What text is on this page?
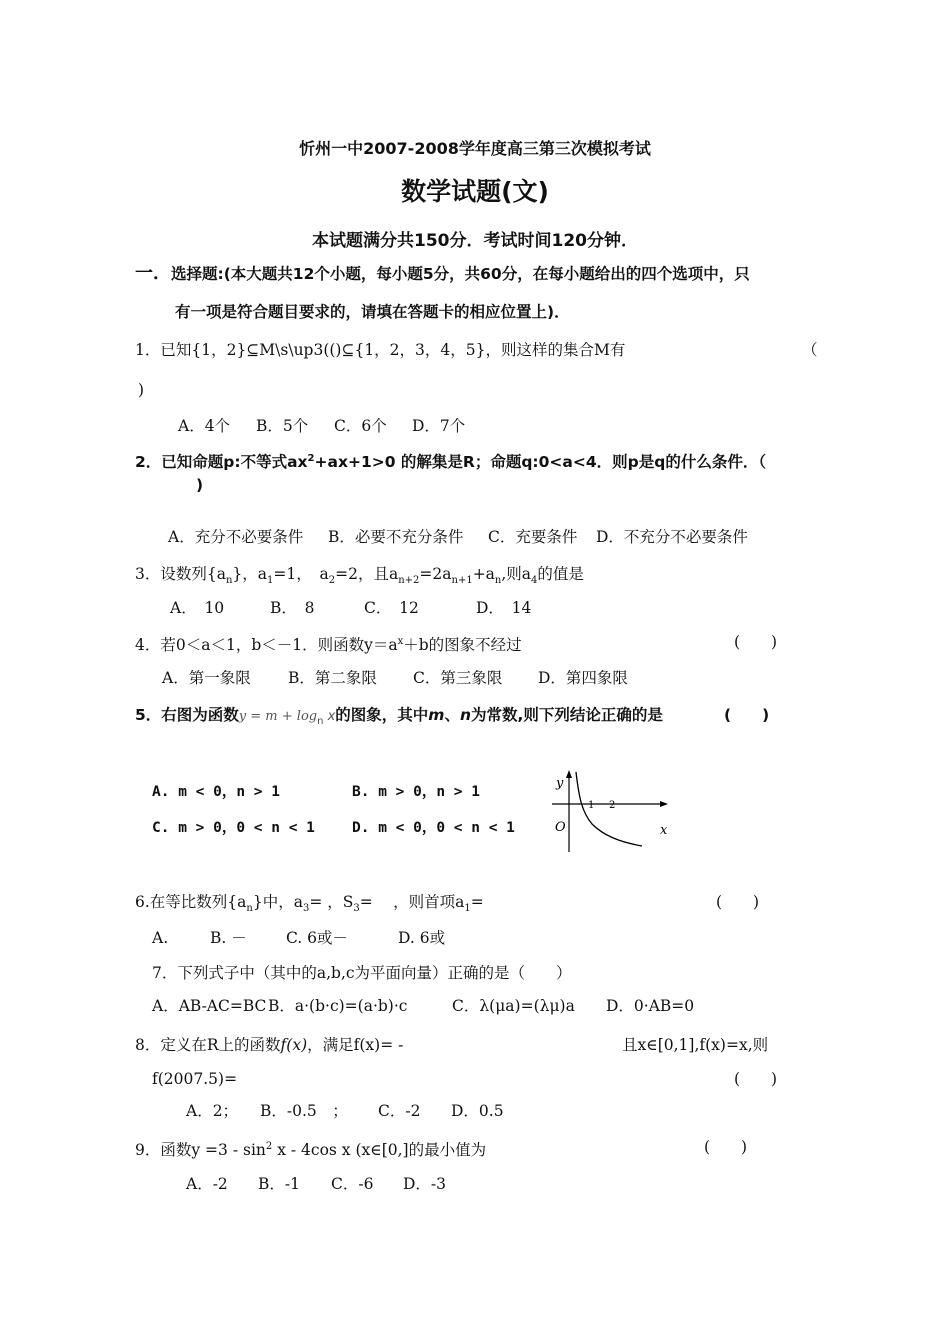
忻州一中2007-2008学年度高三第三次模拟考试
数学试题(文)
本试题满分共150分．考试时间120分钟．
一．选择题:(本大题共12个小题，每小题5分，共60分，在每小题给出的四个选项中，只
有一项是符合题目要求的，请填在答题卡的相应位置上)．
1．已知{1，2}⊆M\s\up3(()⊆{1，2，3，4，5}，则这样的集合M有	（
)
A．4个 B．5个 C．6个 D．7个
2．已知命题p:不等式$ax^2+ax+1>0$ 的解集是R；命题q:0<a<4．则p是q的什么条件．（
)
A．充分不必要条件 B．必要不充分条件 C．充要条件 D．不充分不必要条件
3．设数列$\{a_n\}$，$a_1=1$，　$a_2=2$，且$a_{n+2}=2a_{n+1}+a_n$,则$a_4$的值是
A．　10	B．　8	C．　12	D．　14
4．若0＜a＜1，b＜－1．则函数$y=a^x+b$的图象不经过	(　　)
A．第一象限 B．第二象限 C．第三象限 D．第四象限
5．右图为函数$y = m + \log_n x$的图象，其中m、n为常数,则下列结论正确的是	(　　)
A. m < 0，n > 1	B. m > 0，n > 1
C. m > 0，0 < n < 1	D. m < 0，0 < n < 1
y
x
O
1 2
6.在等比数列$\{a_n\}$中，$a_3=$ ，$S_3=$　 ，则首项$a_1=$	(　　)
A.	B. －	C. 6或－	D. 6或
7．下列式子中（其中的a,b,c为平面向量）正确的是（　　）
A．AB-AC=BC B．a·(b·c)=(a·b)·c	C．λ(μa)=(λμ)a D．0·AB=0
8．定义在R上的函数f(x)，满足f(x)= -	且x∈[0,1],f(x)=x,则
f(2007.5)=	(　　)
A．2； B．-0.5　； C．-2 D．0.5
9．函数$y =3 - \sin^2 x - 4\cos$ x (x∈[0,]的最小值为	(　　)
A．-2 B．-1 C．-6 D．-3
